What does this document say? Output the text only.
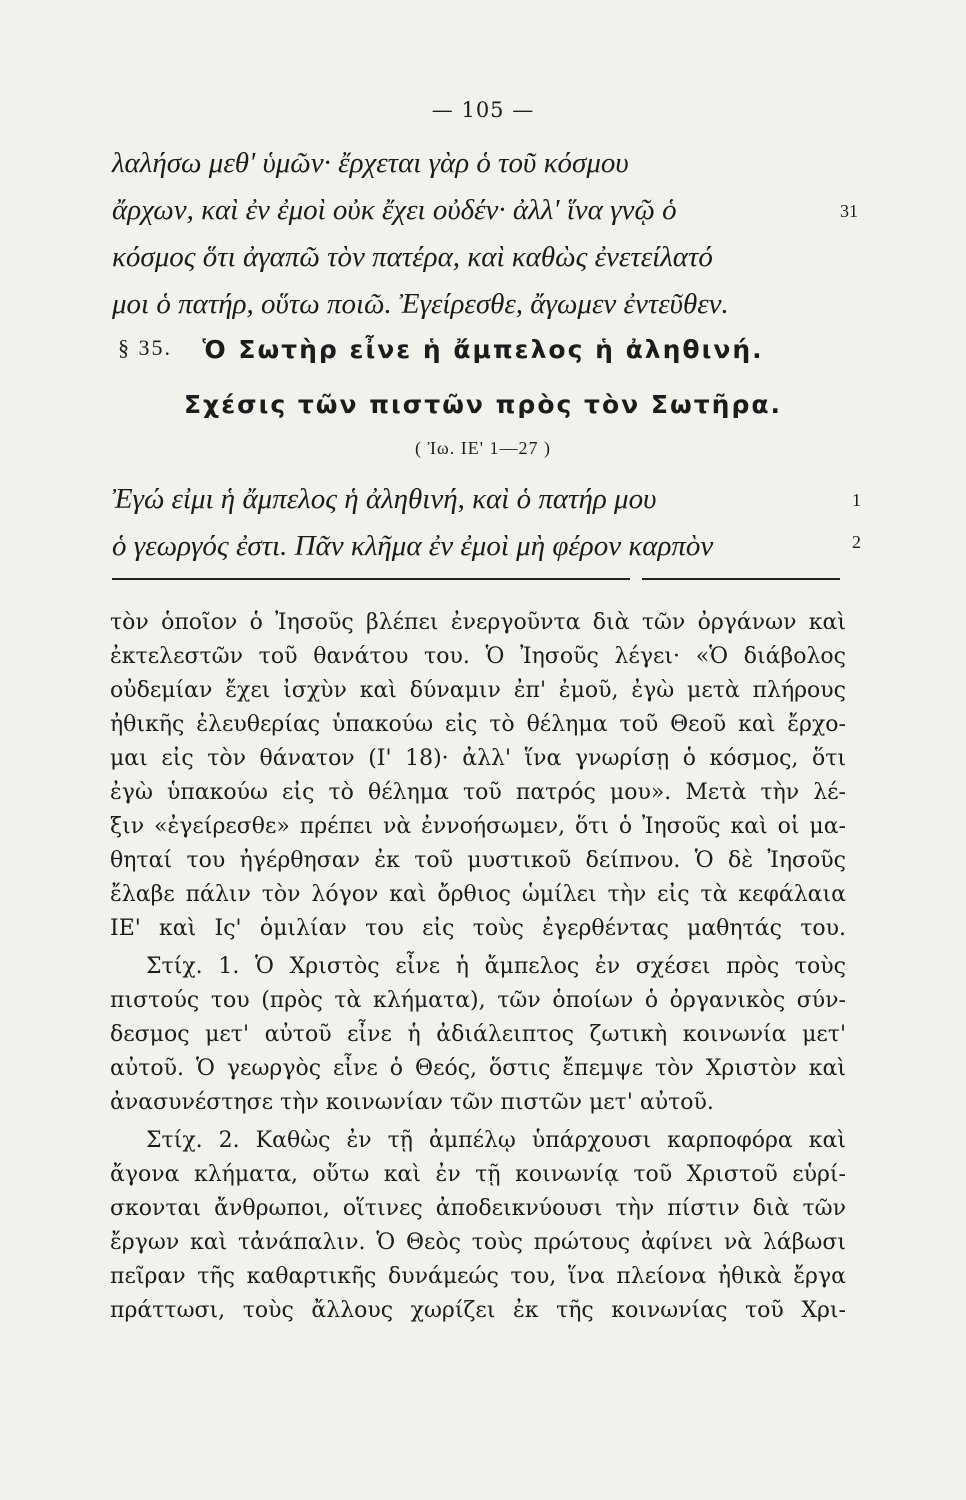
— 105 —
λαλήσω μεθ' ὑμῶν· ἔρχεται γὰρ ὁ τοῦ κόσμου
ἄρχων, καὶ ἐν ἐμοὶ οὐκ ἔχει οὐδέν· ἀλλ' ἵνα γνῷ ὁ	31
κόσμος ὅτι ἀγαπῶ τὸν πατέρα, καὶ καθὼς ἐνετείλατό
μοι ὁ πατήρ, οὕτω ποιῶ. Ἐγείρεσθε, ἄγωμεν ἐντεῦθεν.
§ 35. Ὁ Σωτὴρ εἶνε ἡ ἄμπελος ἡ ἀληθινή.
Σχέσις τῶν πιστῶν πρὸς τὸν Σωτῆρα.
( Ἰω. ΙΕ' 1—27 )
Ἐγώ εἰμι ἡ ἄμπελος ἡ ἀληθινή, καὶ ὁ πατήρ μου	1
ὁ γεωργός ἐστι. Πᾶν κλῆμα ἐν ἐμοὶ μὴ φέρον καρπὸν	2
τὸν ὁποῖον ὁ Ἰησοῦς βλέπει ἐνεργοῦντα διὰ τῶν ὀργάνων καὶ
ἐκτελεστῶν τοῦ θανάτου του. Ὁ Ἰησοῦς λέγει· «Ὁ διάβολος
οὐδεμίαν ἔχει ἰσχὺν καὶ δύναμιν ἐπ' ἐμοῦ, ἐγὼ μετὰ πλήρους
ἠθικῆς ἐλευθερίας ὑπακούω εἰς τὸ θέλημα τοῦ Θεοῦ καὶ ἔρχο-
μαι εἰς τὸν θάνατον (Ι' 18)· ἀλλ' ἵνα γνωρίσῃ ὁ κόσμος, ὅτι
ἐγὼ ὑπακούω εἰς τὸ θέλημα τοῦ πατρός μου». Μετὰ τὴν λέ-
ξιν «ἐγείρεσθε» πρέπει νὰ ἐννοήσωμεν, ὅτι ὁ Ἰησοῦς καὶ οἱ μα-
θηταί του ἠγέρθησαν ἐκ τοῦ μυστικοῦ δείπνου. Ὁ δὲ Ἰησοῦς
ἔλαβε πάλιν τὸν λόγον καὶ ὄρθιος ὡμίλει τὴν εἰς τὰ κεφάλαια
ΙΕ' καὶ Ις' ὁμιλίαν του εἰς τοὺς ἐγερθέντας μαθητάς του.
Στίχ. 1. Ὁ Χριστὸς εἶνε ἡ ἄμπελος ἐν σχέσει πρὸς τοὺς
πιστούς του (πρὸς τὰ κλήματα), τῶν ὁποίων ὁ ὀργανικὸς σύν-
δεσμος μετ' αὐτοῦ εἶνε ἡ ἀδιάλειπτος ζωτικὴ κοινωνία μετ'
αὐτοῦ. Ὁ γεωργὸς εἶνε ὁ Θεός, ὅστις ἔπεμψε τὸν Χριστὸν καὶ
ἀνασυνέστησε τὴν κοινωνίαν τῶν πιστῶν μετ' αὐτοῦ.
Στίχ. 2. Καθὼς ἐν τῇ ἀμπέλῳ ὑπάρχουσι καρποφόρα καὶ
ἄγονα κλήματα, οὕτω καὶ ἐν τῇ κοινωνίᾳ τοῦ Χριστοῦ εὑρί-
σκονται ἄνθρωποι, οἵτινες ἀποδεικνύουσι τὴν πίστιν διὰ τῶν
ἔργων καὶ τἀνάπαλιν. Ὁ Θεὸς τοὺς πρώτους ἀφίνει νὰ λάβωσι
πεῖραν τῆς καθαρτικῆς δυνάμεώς του, ἵνα πλείονα ἠθικὰ ἔργα
πράττωσι, τοὺς ἄλλους χωρίζει ἐκ τῆς κοινωνίας τοῦ Χρι-
